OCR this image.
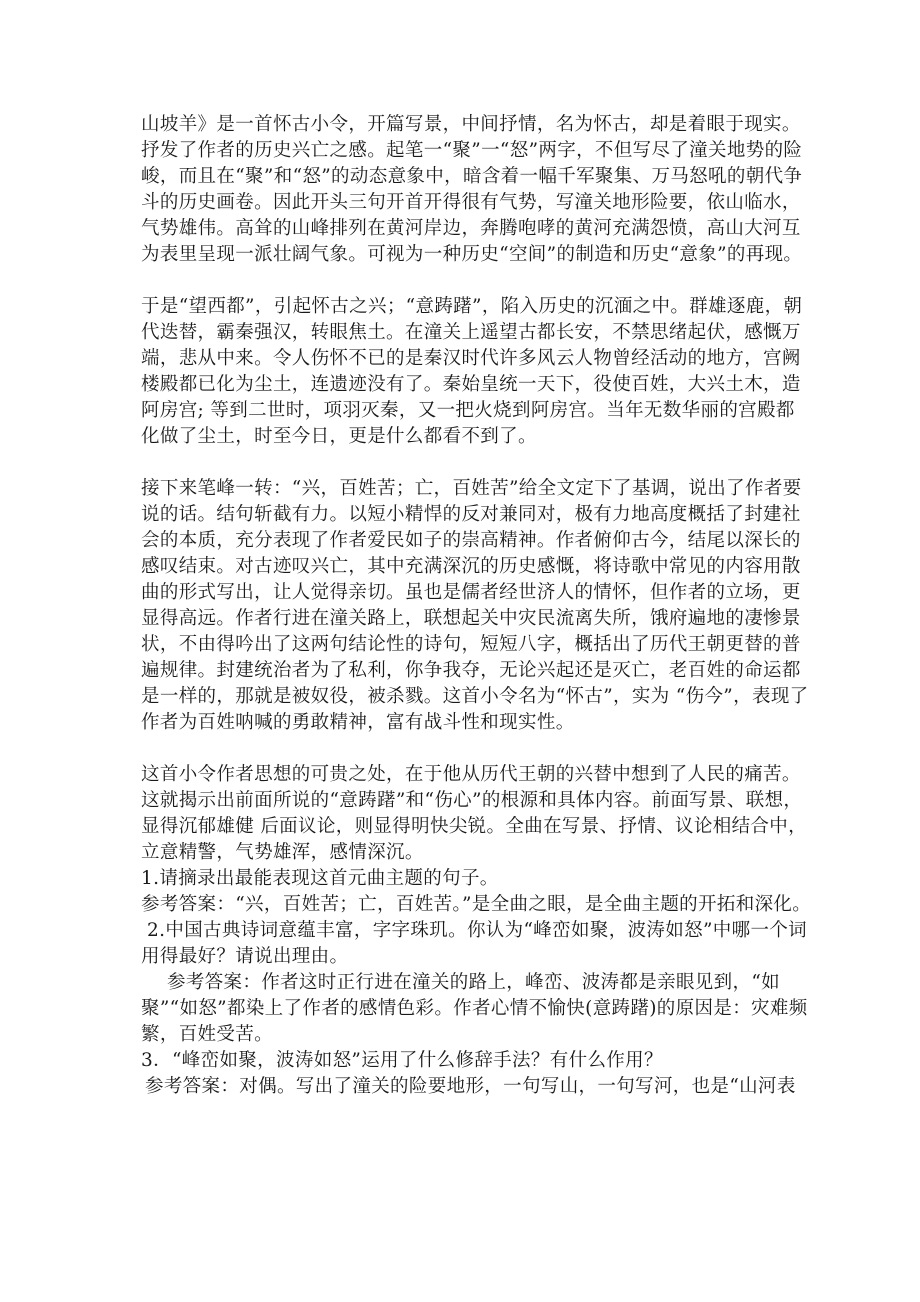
山坡羊》是一首怀古小令，开篇写景，中间抒情，名为怀古，却是着眼于现实。
抒发了作者的历史兴亡之感。起笔一“聚”一“怒”两字，不但写尽了潼关地势的险
峻，而且在“聚”和“怒”的动态意象中，暗含着一幅千军聚集、万马怒吼的朝代争
斗的历史画卷。因此开头三句开首开得很有气势，写潼关地形险要，依山临水，
气势雄伟。高耸的山峰排列在黄河岸边，奔腾咆哮的黄河充满怨愤，高山大河互
为表里呈现一派壮阔气象。可视为一种历史“空间”的制造和历史“意象”的再现。
于是“望西都”，引起怀古之兴；“意踌躇”，陷入历史的沉湎之中。群雄逐鹿，朝
代迭替，霸秦强汉，转眼焦土。在潼关上遥望古都长安，不禁思绪起伏，感慨万
端，悲从中来。令人伤怀不已的是秦汉时代许多风云人物曾经活动的地方，宫阙
楼殿都已化为尘土，连遗迹没有了。秦始皇统一天下，役使百姓，大兴土木，造
阿房宫; 等到二世时，项羽灭秦，又一把火烧到阿房宫。当年无数华丽的宫殿都
化做了尘土，时至今日，更是什么都看不到了。
接下来笔峰一转：“兴，百姓苦；亡，百姓苦”给全文定下了基调，说出了作者要
说的话。结句斩截有力。以短小精悍的反对兼同对，极有力地高度概括了封建社
会的本质，充分表现了作者爱民如子的崇高精神。作者俯仰古今，结尾以深长的
感叹结束。对古迹叹兴亡，其中充满深沉的历史感慨，将诗歌中常见的内容用散
曲的形式写出，让人觉得亲切。虽也是儒者经世济人的情怀，但作者的立场，更
显得高远。作者行进在潼关路上，联想起关中灾民流离失所，饿府遍地的凄惨景
状，不由得吟出了这两句结论性的诗句，短短八字，概括出了历代王朝更替的普
遍规律。封建统治者为了私利，你争我夺，无论兴起还是灭亡，老百姓的命运都
是一样的，那就是被奴役，被杀戮。这首小令名为“怀古”，实为 “伤今”，表现了
作者为百姓呐喊的勇敢精神，富有战斗性和现实性。
这首小令作者思想的可贵之处，在于他从历代王朝的兴替中想到了人民的痛苦。
这就揭示出前面所说的“意踌躇”和“伤心”的根源和具体内容。前面写景、联想，
显得沉郁雄健 后面议论，则显得明快尖锐。全曲在写景、抒情、议论相结合中，
立意精警，气势雄浑，感情深沉。
1.请摘录出最能表现这首元曲主题的句子。
参考答案：“兴，百姓苦；亡，百姓苦。”是全曲之眼，是全曲主题的开拓和深化。
2.中国古典诗词意蕴丰富，字字珠玑。你认为“峰峦如聚，波涛如怒”中哪一个词
用得最好？请说出理由。
参考答案：作者这时正行进在潼关的路上，峰峦、波涛都是亲眼见到，“如
聚”“如怒”都染上了作者的感情色彩。作者心情不愉快(意踌躇)的原因是：灾难频
繁，百姓受苦。
3．“峰峦如聚，波涛如怒”运用了什么修辞手法？有什么作用？
参考答案：对偶。写出了潼关的险要地形，一句写山，一句写河，也是“山河表
